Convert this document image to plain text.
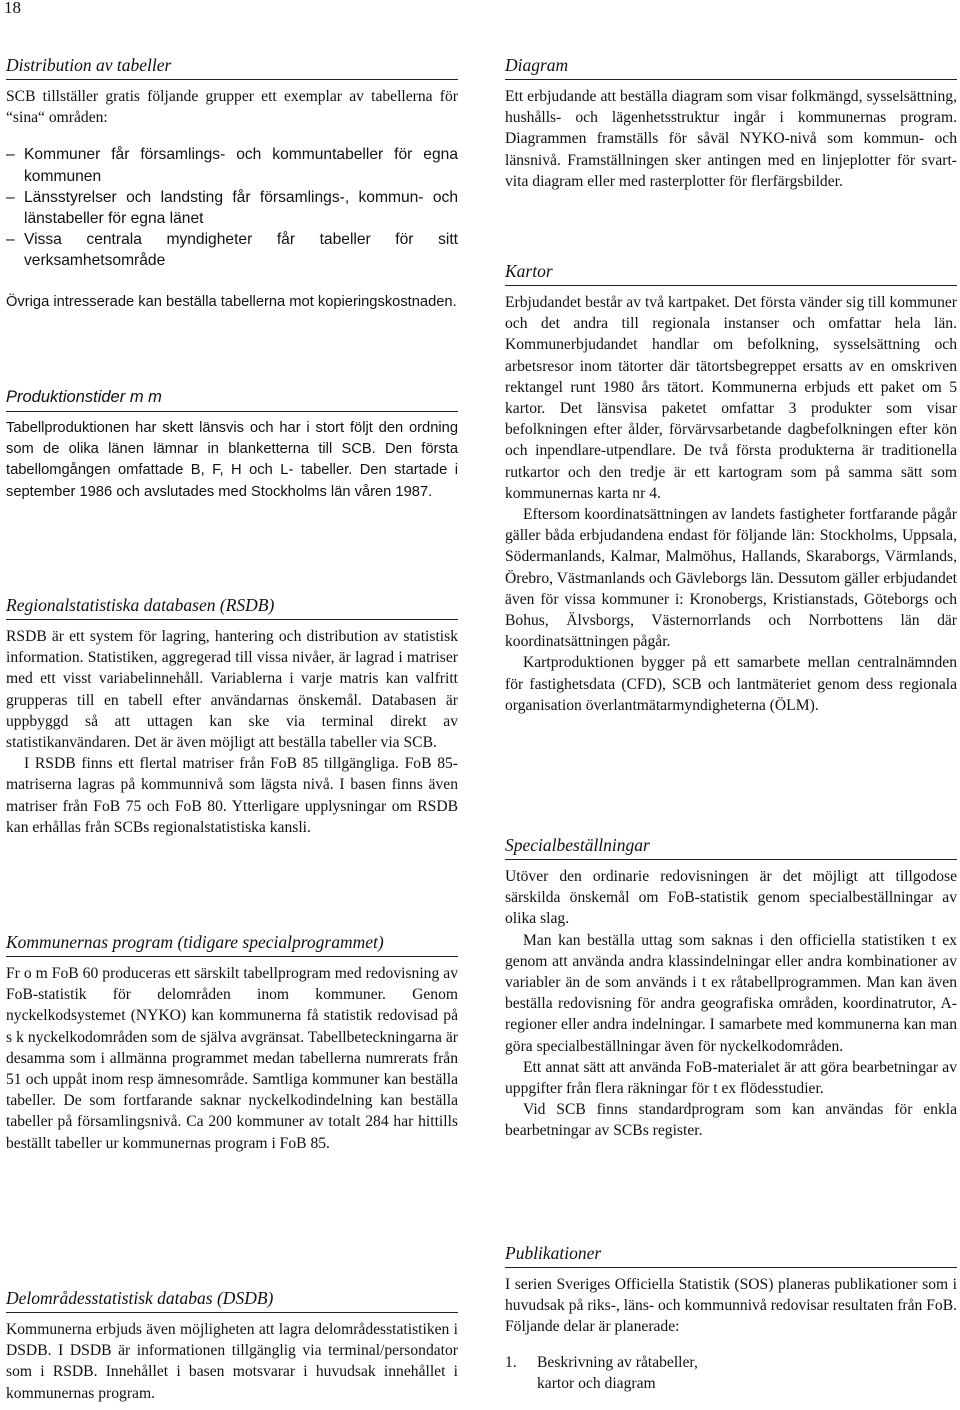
18
Distribution av tabeller

SCB tillställer gratis följande grupper ett exemplar av tabellerna för “sina“ områden:

– Kommuner får församlings- och kommuntabeller för egna kommunen
– Länsstyrelser och landsting får församlings-, kommun- och länstabeller för egna länet
– Vissa centrala myndigheter får tabeller för sitt verksamhetsområde

Övriga intresserade kan beställa tabellerna mot kopieringskostnaden.

Produktionstider m m

Tabellproduktionen har skett länsvis och har i stort följt den ordning som de olika länen lämnar in blanketterna till SCB. Den första tabellomgången omfattade B, F, H och L- tabeller. Den startade i september 1986 och avslutades med Stockholms län våren 1987.

Regionalstatistiska databasen (RSDB)

RSDB är ett system för lagring, hantering och distribution av statistisk information. Statistiken, aggregerad till vissa nivåer, är lagrad i matriser med ett visst variabelinnehåll. Variablerna i varje matris kan valfritt grupperas till en tabell efter användarnas önskemål. Databasen är uppbyggd så att uttagen kan ske via terminal direkt av statistikanvändaren. Det är även möjligt att beställa tabeller via SCB.

I RSDB finns ett flertal matriser från FoB 85 tillgängliga. FoB 85-matriserna lagras på kommunnivå som lägsta nivå. I basen finns även matriser från FoB 75 och FoB 80. Ytterligare upplysningar om RSDB kan erhållas från SCBs regionalstatistiska kansli.

Kommunernas program (tidigare specialprogrammet)

Fr o m FoB 60 produceras ett särskilt tabellprogram med redovisning av FoB-statistik för delområden inom kommuner. Genom nyckelkodsystemet (NYKO) kan kommunerna få statistik redovisad på s k nyckelkodområden som de själva avgränsat. Tabellbeteckningarna är desamma som i allmänna programmet medan tabellerna numrerats från 51 och uppåt inom resp ämnesområde. Samtliga kommuner kan beställa tabeller. De som fortfarande saknar nyckelkodindelning kan beställa tabeller på församlingsnivå. Ca 200 kommuner av totalt 284 har hittills beställt tabeller ur kommunernas program i FoB 85.

Delområdesstatistisk databas (DSDB)

Kommunerna erbjuds även möjligheten att lagra delområdesstatistiken i DSDB. I DSDB är informationen tillgänglig via terminal/persondator som i RSDB. Innehållet i basen motsvarar i huvudsak innehållet i kommunernas program.

Diagram

Ett erbjudande att beställa diagram som visar folkmängd, sysselsättning, hushålls- och lägenhetsstruktur ingår i kommunernas program. Diagrammen framställs för såväl NYKO-nivå som kommun- och länsnivå. Framställningen sker antingen med en linjeplotter för svart-vita diagram eller med rasterplotter för flerfärgsbilder.

Kartor

Erbjudandet består av två kartpaket. Det första vänder sig till kommuner och det andra till regionala instanser och omfattar hela län. Kommunerbjudandet handlar om befolkning, sysselsättning och arbetsresor inom tätorter där tätortsbegreppet ersatts av en omskriven rektangel runt 1980 års tätort. Kommunerna erbjuds ett paket om 5 kartor. Det länsvisa paketet omfattar 3 produkter som visar befolkningen efter ålder, förvärvsarbetande dagbefolkningen efter kön och inpendlare-utpendlare. De två första produkterna är traditionella rutkartor och den tredje är ett kartogram som på samma sätt som kommunernas karta nr 4.

Eftersom koordinatsättningen av landets fastigheter fortfarande pågår gäller båda erbjudandena endast för följande län: Stockholms, Uppsala, Södermanlands, Kalmar, Malmöhus, Hallands, Skaraborgs, Värmlands, Örebro, Västmanlands och Gävleborgs län. Dessutom gäller erbjudandet även för vissa kommuner i: Kronobergs, Kristianstads, Göteborgs och Bohus, Älvsborgs, Västernorrlands och Norrbottens län där koordinatsättningen pågår.

Kartproduktionen bygger på ett samarbete mellan centralnämnden för fastighetsdata (CFD), SCB och lantmäteriet genom dess regionala organisation överlantmätarmyndigheterna (ÖLM).

Specialbeställningar

Utöver den ordinarie redovisningen är det möjligt att tillgodose särskilda önskemål om FoB-statistik genom specialbeställningar av olika slag.

Man kan beställa uttag som saknas i den officiella statistiken t ex genom att använda andra klassindelningar eller andra kombinationer av variabler än de som används i t ex råtabellprogrammen. Man kan även beställa redovisning för andra geografiska områden, koordinatrutor, A-regioner eller andra indelningar. I samarbete med kommunerna kan man göra specialbeställningar även för nyckelkodområden.

Ett annat sätt att använda FoB-materialet är att göra bearbetningar av uppgifter från flera räkningar för t ex flödesstudier.

Vid SCB finns standardprogram som kan användas för enkla bearbetningar av SCBs register.

Publikationer

I serien Sveriges Officiella Statistik (SOS) planeras publikationer som i huvudsak på riks-, läns- och kommunnivå redovisar resultaten från FoB. Följande delar är planerade:

1. Beskrivning av råtabeller,
kartor och diagram
